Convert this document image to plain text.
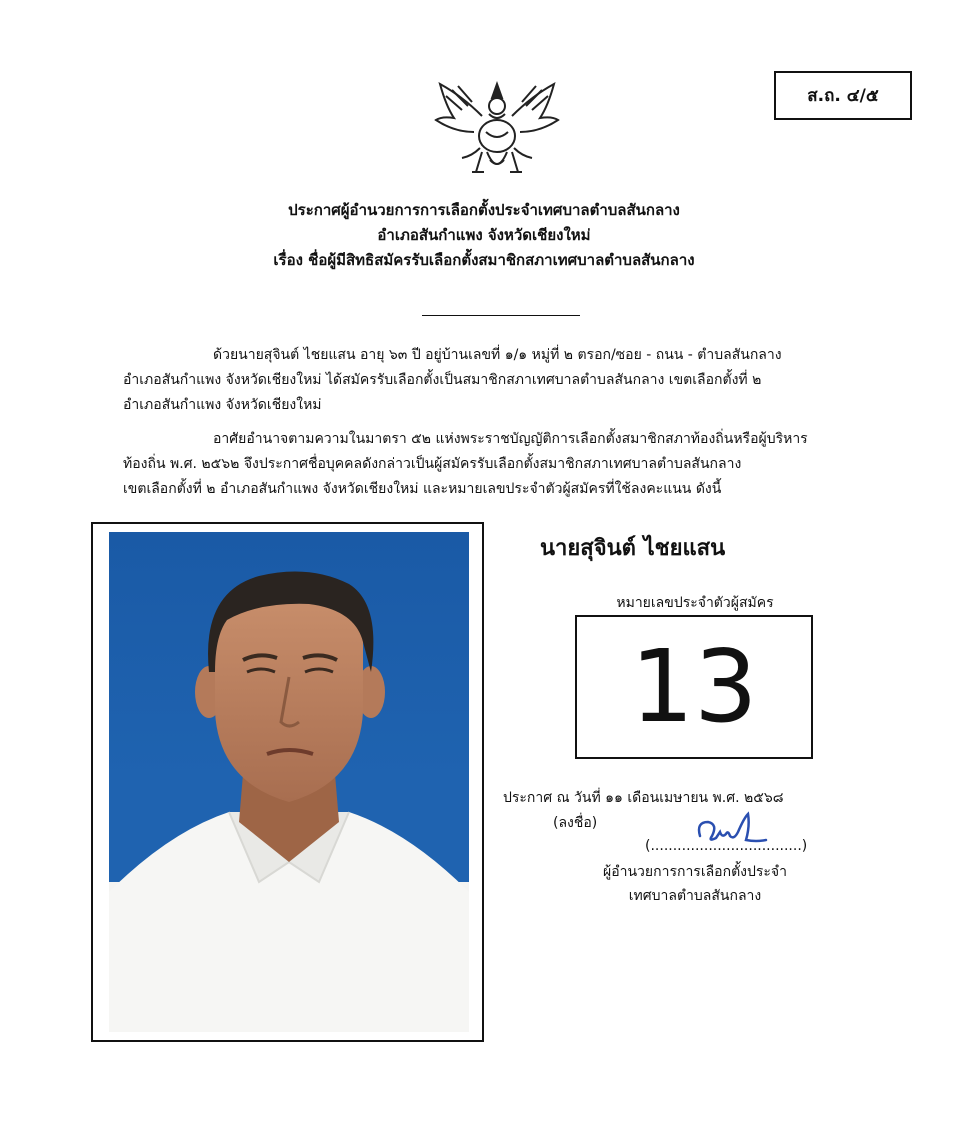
ส.ถ. ๔/๕
ประกาศผู้อำนวยการการเลือกตั้งประจำเทศบาลตำบลสันกลาง
อำเภอสันกำแพง จังหวัดเชียงใหม่
เรื่อง ชื่อผู้มีสิทธิสมัครรับเลือกตั้งสมาชิกสภาเทศบาลตำบลสันกลาง
ด้วยนายสุจินต์ ไชยแสน อายุ ๖๓ ปี อยู่บ้านเลขที่ ๑/๑ หมู่ที่ ๒ ตรอก/ซอย - ถนน - ตำบลสันกลาง
อำเภอสันกำแพง จังหวัดเชียงใหม่ ได้สมัครรับเลือกตั้งเป็นสมาชิกสภาเทศบาลตำบลสันกลาง เขตเลือกตั้งที่ ๒
อำเภอสันกำแพง จังหวัดเชียงใหม่
อาศัยอำนาจตามความในมาตรา ๕๒ แห่งพระราชบัญญัติการเลือกตั้งสมาชิกสภาท้องถิ่นหรือผู้บริหาร
ท้องถิ่น พ.ศ. ๒๕๖๒ จึงประกาศชื่อบุคคลดังกล่าวเป็นผู้สมัครรับเลือกตั้งสมาชิกสภาเทศบาลตำบลสันกลาง
เขตเลือกตั้งที่ ๒ อำเภอสันกำแพง จังหวัดเชียงใหม่ และหมายเลขประจำตัวผู้สมัครที่ใช้ลงคะแนน ดังนี้
นายสุจินต์ ไชยแสน
หมายเลขประจำตัวผู้สมัคร
13
ประกาศ ณ วันที่ ๑๑ เดือนเมษายน พ.ศ. ๒๕๖๘
(ลงชื่อ)
(..................................)
ผู้อำนวยการการเลือกตั้งประจำ
เทศบาลตำบลสันกลาง
